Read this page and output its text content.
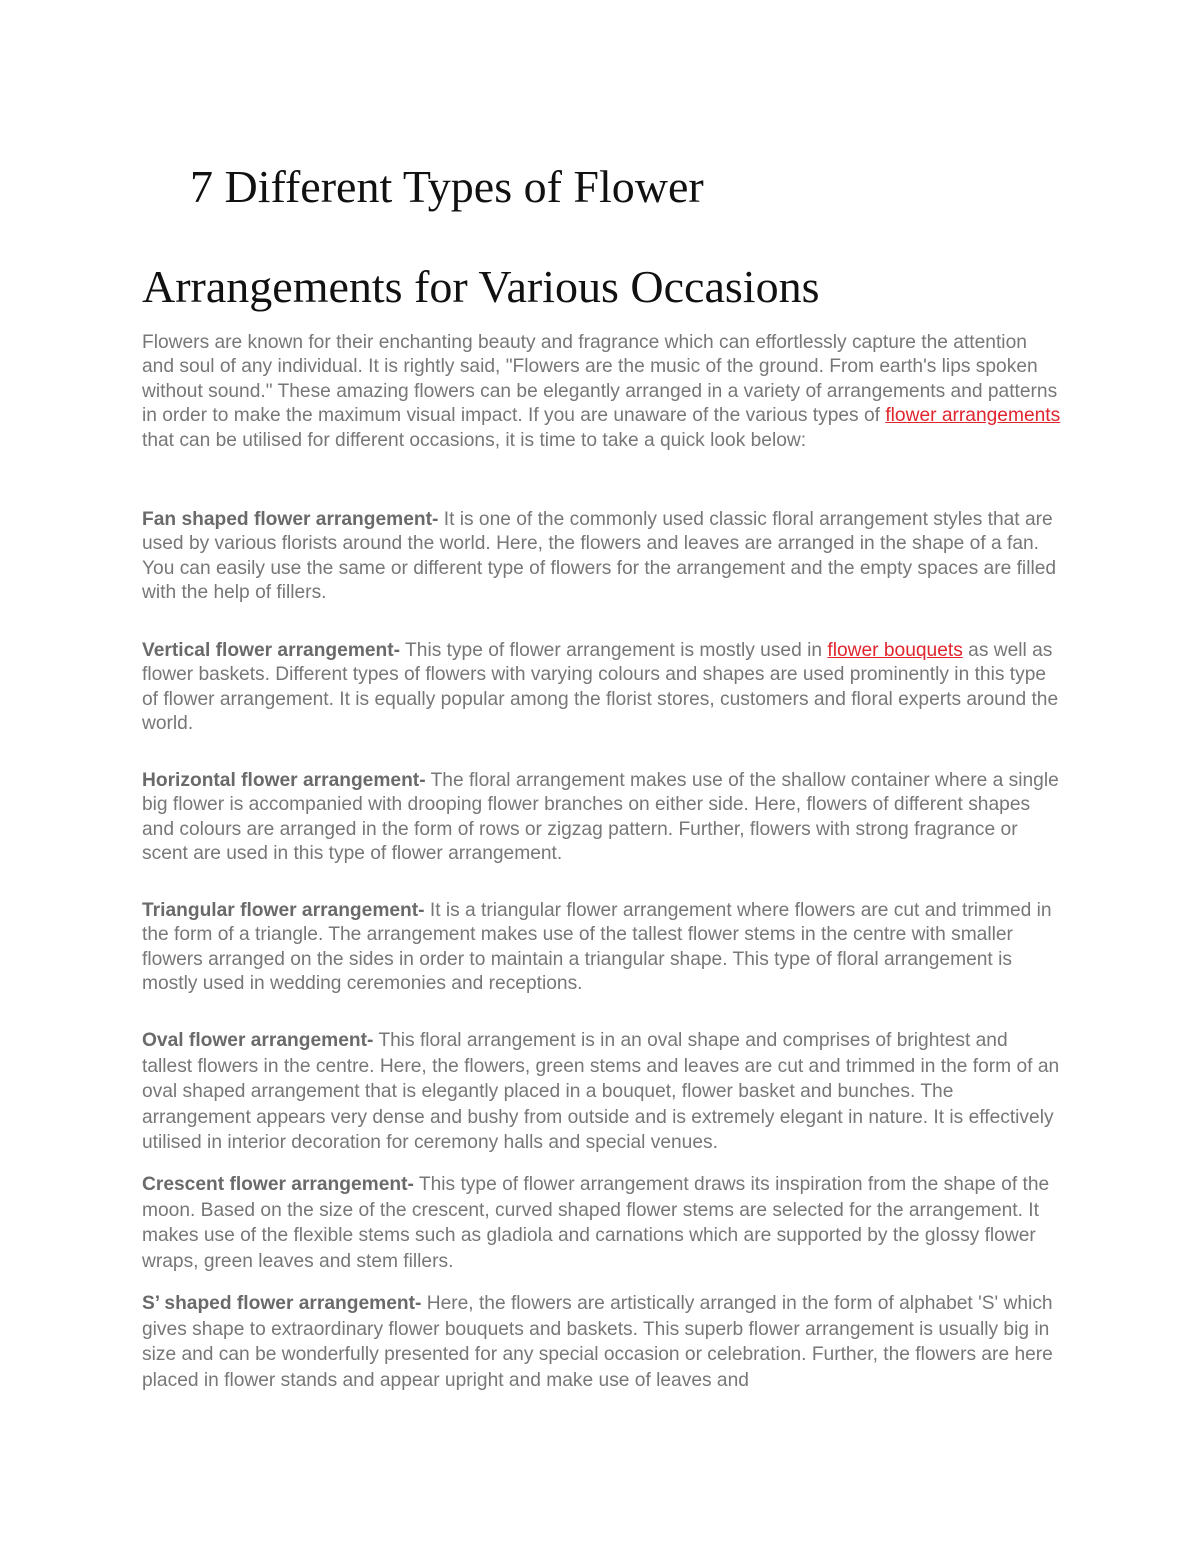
7 Different Types of Flower
Arrangements for Various Occasions

Flowers are known for their enchanting beauty and fragrance which can effortlessly capture the attention and soul of any individual. It is rightly said, "Flowers are the music of the ground. From earth's lips spoken without sound." These amazing flowers can be elegantly arranged in a variety of arrangements and patterns in order to make the maximum visual impact. If you are unaware of the various types of flower arrangements that can be utilised for different occasions, it is time to take a quick look below:

Fan shaped flower arrangement- It is one of the commonly used classic floral arrangement styles that are used by various florists around the world. Here, the flowers and leaves are arranged in the shape of a fan. You can easily use the same or different type of flowers for the arrangement and the empty spaces are filled with the help of fillers.

Vertical flower arrangement- This type of flower arrangement is mostly used in flower bouquets as well as flower baskets. Different types of flowers with varying colours and shapes are used prominently in this type of flower arrangement. It is equally popular among the florist stores, customers and floral experts around the world.

Horizontal flower arrangement- The floral arrangement makes use of the shallow container where a single big flower is accompanied with drooping flower branches on either side. Here, flowers of different shapes and colours are arranged in the form of rows or zigzag pattern. Further, flowers with strong fragrance or scent are used in this type of flower arrangement.

Triangular flower arrangement- It is a triangular flower arrangement where flowers are cut and trimmed in the form of a triangle. The arrangement makes use of the tallest flower stems in the centre with smaller flowers arranged on the sides in order to maintain a triangular shape. This type of floral arrangement is mostly used in wedding ceremonies and receptions.

Oval flower arrangement- This floral arrangement is in an oval shape and comprises of brightest and tallest flowers in the centre. Here, the flowers, green stems and leaves are cut and trimmed in the form of an oval shaped arrangement that is elegantly placed in a bouquet, flower basket and bunches. The arrangement appears very dense and bushy from outside and is extremely elegant in nature. It is effectively utilised in interior decoration for ceremony halls and special venues.

Crescent flower arrangement- This type of flower arrangement draws its inspiration from the shape of the moon. Based on the size of the crescent, curved shaped flower stems are selected for the arrangement. It makes use of the flexible stems such as gladiola and carnations which are supported by the glossy flower wraps, green leaves and stem fillers.

S’ shaped flower arrangement- Here, the flowers are artistically arranged in the form of alphabet 'S' which gives shape to extraordinary flower bouquets and baskets. This superb flower arrangement is usually big in size and can be wonderfully presented for any special occasion or celebration. Further, the flowers are here placed in flower stands and appear upright and make use of leaves and
